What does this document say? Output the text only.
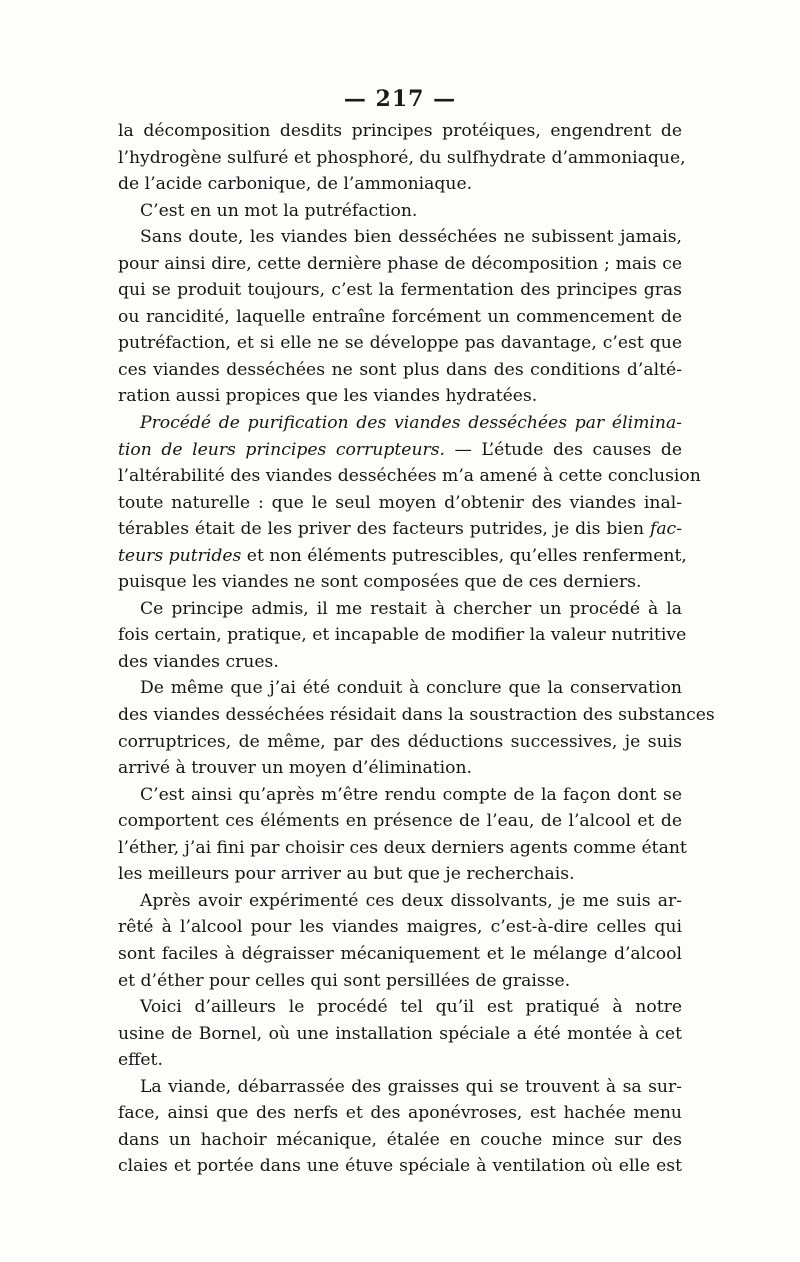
— 217 —
la décomposition desdits principes protéiques, engendrent de
l’hydrogène sulfuré et phosphoré, du sulfhydrate d’ammoniaque,
de l’acide carbonique, de l’ammoniaque.
C’est en un mot la putréfaction.
Sans doute, les viandes bien desséchées ne subissent jamais,
pour ainsi dire, cette dernière phase de décomposition ; mais ce
qui se produit toujours, c’est la fermentation des principes gras
ou rancidité, laquelle entraîne forcément un commencement de
putréfaction, et si elle ne se développe pas davantage, c’est que
ces viandes desséchées ne sont plus dans des conditions d’alté-
ration aussi propices que les viandes hydratées.
Procédé de purification des viandes desséchées par élimina-
tion de leurs principes corrupteurs. — L’étude des causes de
l’altérabilité des viandes desséchées m’a amené à cette conclusion
toute naturelle : que le seul moyen d’obtenir des viandes inal-
térables était de les priver des facteurs putrides, je dis bien fac-
teurs putrides et non éléments putrescibles, qu’elles renferment,
puisque les viandes ne sont composées que de ces derniers.
Ce principe admis, il me restait à chercher un procédé à la
fois certain, pratique, et incapable de modifier la valeur nutritive
des viandes crues.
De même que j’ai été conduit à conclure que la conservation
des viandes desséchées résidait dans la soustraction des substances
corruptrices, de même, par des déductions successives, je suis
arrivé à trouver un moyen d’élimination.
C’est ainsi qu’après m’être rendu compte de la façon dont se
comportent ces éléments en présence de l’eau, de l’alcool et de
l’éther, j’ai fini par choisir ces deux derniers agents comme étant
les meilleurs pour arriver au but que je recherchais.
Après avoir expérimenté ces deux dissolvants, je me suis ar-
rêté à l’alcool pour les viandes maigres, c’est-à-dire celles qui
sont faciles à dégraisser mécaniquement et le mélange d’alcool
et d’éther pour celles qui sont persillées de graisse.
Voici d’ailleurs le procédé tel qu’il est pratiqué à notre
usine de Bornel, où une installation spéciale a été montée à cet
effet.
La viande, débarrassée des graisses qui se trouvent à sa sur-
face, ainsi que des nerfs et des aponévroses, est hachée menu
dans un hachoir mécanique, étalée en couche mince sur des
claies et portée dans une étuve spéciale à ventilation où elle est
